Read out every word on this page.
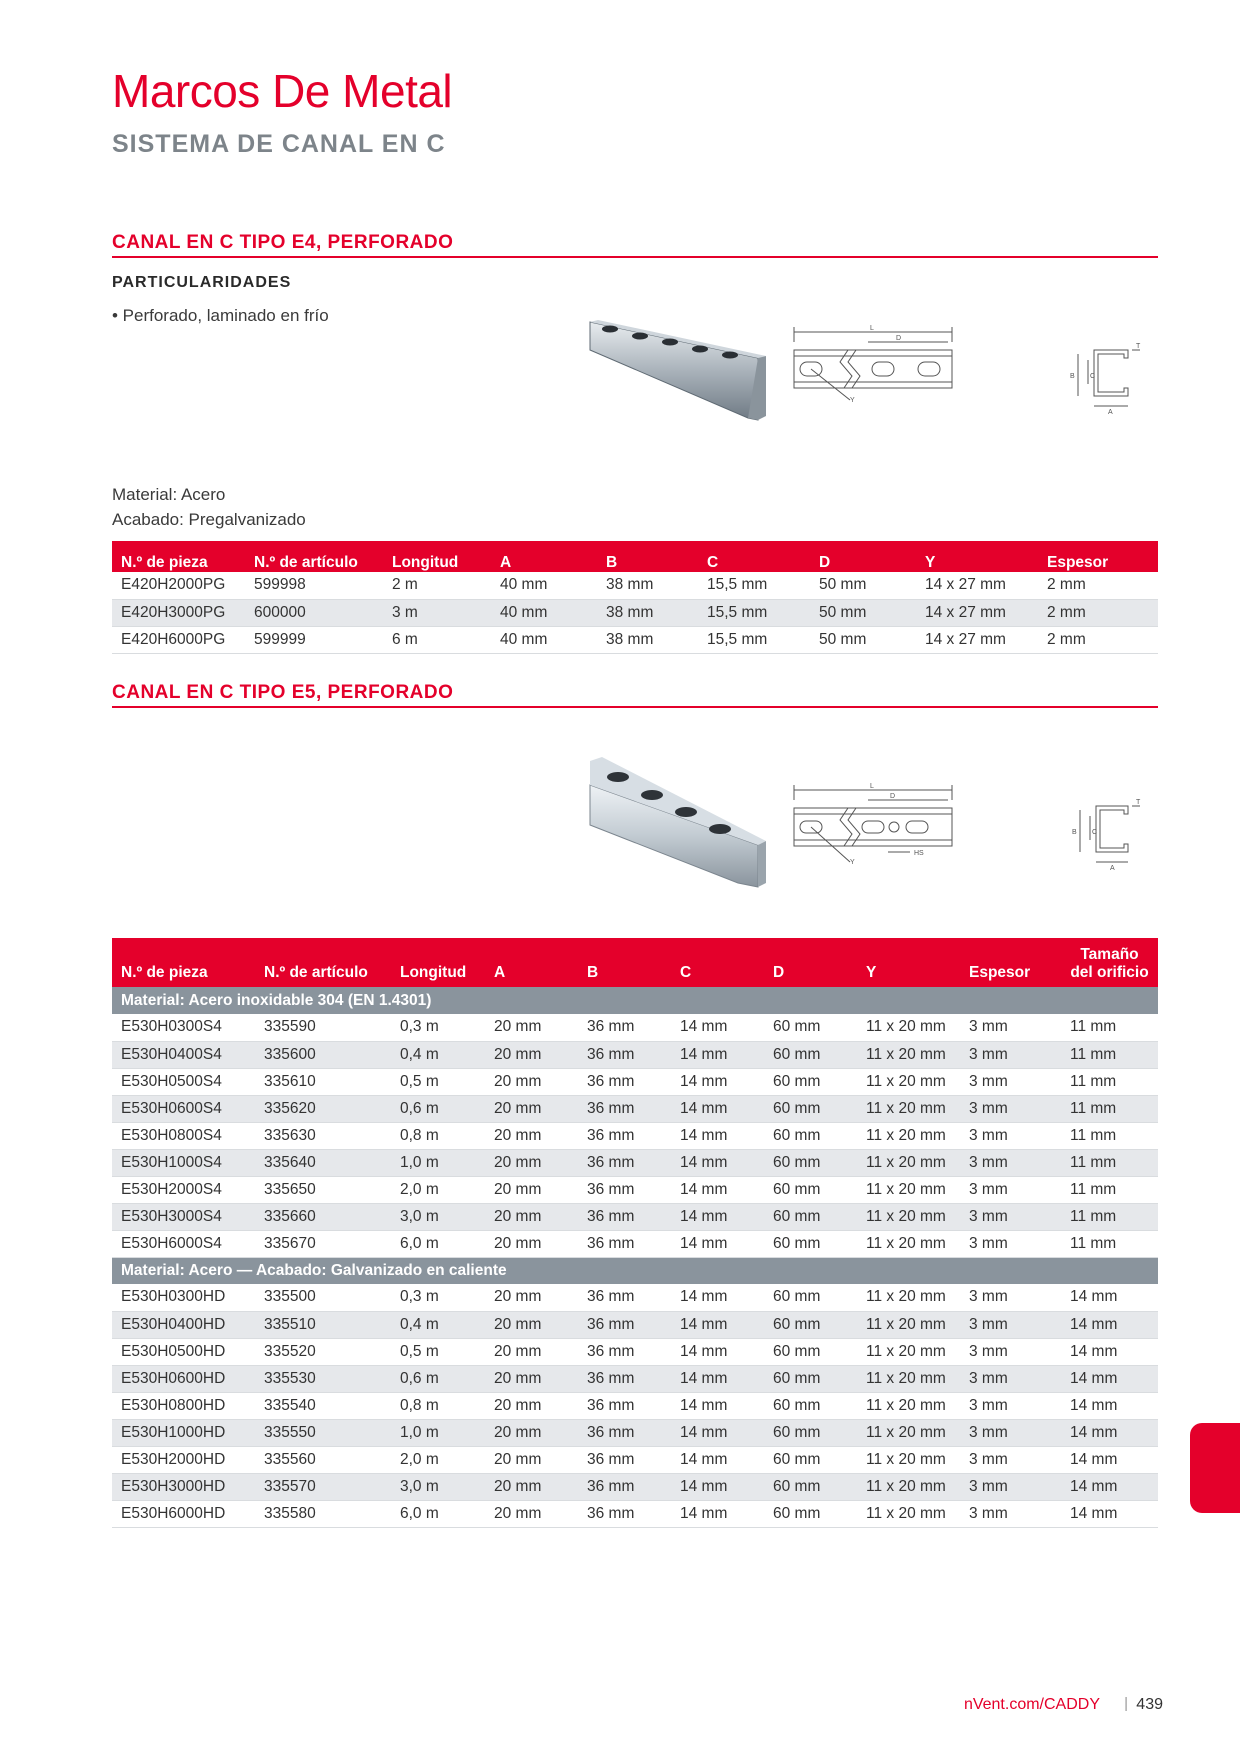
Marcos De Metal
SISTEMA DE CANAL EN C
CANAL EN C TIPO E4, PERFORADO
PARTICULARIDADES
• Perforado, laminado en frío
L
D
Y
T
B C
A
Material: Acero
Acabado: Pregalvanizado
N.º de pieza	N.º de artículo	Longitud	A	B	C	D	Y	Espesor
E420H2000PG	599998	2 m	40 mm	38 mm	15,5 mm	50 mm	14 x 27 mm	2 mm
E420H3000PG	600000	3 m	40 mm	38 mm	15,5 mm	50 mm	14 x 27 mm	2 mm
E420H6000PG	599999	6 m	40 mm	38 mm	15,5 mm	50 mm	14 x 27 mm	2 mm
CANAL EN C TIPO E5, PERFORADO
L
D
Y
HS
T
B C
A
N.º de pieza	N.º de artículo	Longitud	A	B	C	D	Y	Espesor	Tamaño
del orificio
Material: Acero inoxidable 304 (EN 1.4301)									
E530H0300S4	335590	0,3 m	20 mm	36 mm	14 mm	60 mm	11 x 20 mm	3 mm	11 mm
E530H0400S4	335600	0,4 m	20 mm	36 mm	14 mm	60 mm	11 x 20 mm	3 mm	11 mm
E530H0500S4	335610	0,5 m	20 mm	36 mm	14 mm	60 mm	11 x 20 mm	3 mm	11 mm
E530H0600S4	335620	0,6 m	20 mm	36 mm	14 mm	60 mm	11 x 20 mm	3 mm	11 mm
E530H0800S4	335630	0,8 m	20 mm	36 mm	14 mm	60 mm	11 x 20 mm	3 mm	11 mm
E530H1000S4	335640	1,0 m	20 mm	36 mm	14 mm	60 mm	11 x 20 mm	3 mm	11 mm
E530H2000S4	335650	2,0 m	20 mm	36 mm	14 mm	60 mm	11 x 20 mm	3 mm	11 mm
E530H3000S4	335660	3,0 m	20 mm	36 mm	14 mm	60 mm	11 x 20 mm	3 mm	11 mm
E530H6000S4	335670	6,0 m	20 mm	36 mm	14 mm	60 mm	11 x 20 mm	3 mm	11 mm
Material: Acero — Acabado: Galvanizado en caliente									
E530H0300HD	335500	0,3 m	20 mm	36 mm	14 mm	60 mm	11 x 20 mm	3 mm	14 mm
E530H0400HD	335510	0,4 m	20 mm	36 mm	14 mm	60 mm	11 x 20 mm	3 mm	14 mm
E530H0500HD	335520	0,5 m	20 mm	36 mm	14 mm	60 mm	11 x 20 mm	3 mm	14 mm
E530H0600HD	335530	0,6 m	20 mm	36 mm	14 mm	60 mm	11 x 20 mm	3 mm	14 mm
E530H0800HD	335540	0,8 m	20 mm	36 mm	14 mm	60 mm	11 x 20 mm	3 mm	14 mm
E530H1000HD	335550	1,0 m	20 mm	36 mm	14 mm	60 mm	11 x 20 mm	3 mm	14 mm
E530H2000HD	335560	2,0 m	20 mm	36 mm	14 mm	60 mm	11 x 20 mm	3 mm	14 mm
E530H3000HD	335570	3,0 m	20 mm	36 mm	14 mm	60 mm	11 x 20 mm	3 mm	14 mm
E530H6000HD	335580	6,0 m	20 mm	36 mm	14 mm	60 mm	11 x 20 mm	3 mm	14 mm
nVent.com/CADDY | 439
